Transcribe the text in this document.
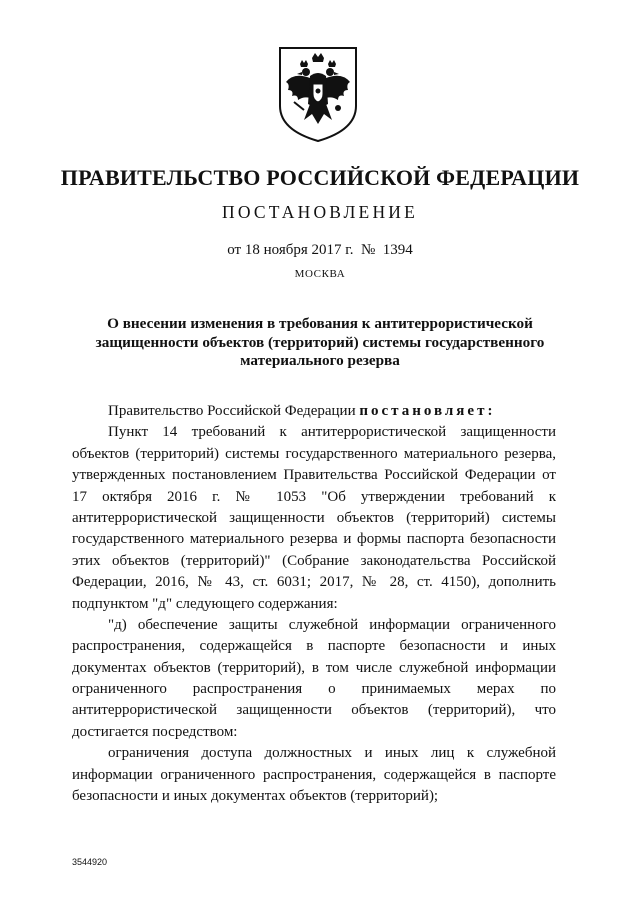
ПРАВИТЕЛЬСТВО РОССИЙСКОЙ ФЕДЕРАЦИИ
ПОСТАНОВЛЕНИЕ
от 18 ноября 2017 г.  №  1394
МОСКВА
О внесении изменения в требования к антитеррористической
защищенности объектов (территорий) системы государственного
материального резерва
Правительство Российской Федерации постановляет:
Пункт 14 требований к антитеррористической защищенности
объектов (территорий) системы государственного материального резерва,
утвержденных постановлением Правительства Российской Федерации от
17 октября 2016 г. № 1053 "Об утверждении требований к
антитеррористической защищенности объектов (территорий) системы
государственного материального резерва и формы паспорта безопасности
этих объектов (территорий)" (Собрание законодательства Российской
Федерации, 2016, № 43, ст. 6031; 2017, № 28, ст. 4150), дополнить
подпунктом "д" следующего содержания:
"д) обеспечение защиты служебной информации ограниченного
распространения, содержащейся в паспорте безопасности и иных
документах объектов (территорий), в том числе служебной информации
ограниченного распространения о принимаемых мерах по
антитеррористической защищенности объектов (территорий), что
достигается посредством:
ограничения доступа должностных и иных лиц к служебной
информации ограниченного распространения, содержащейся в паспорте
безопасности и иных документах объектов (территорий);
3544920
